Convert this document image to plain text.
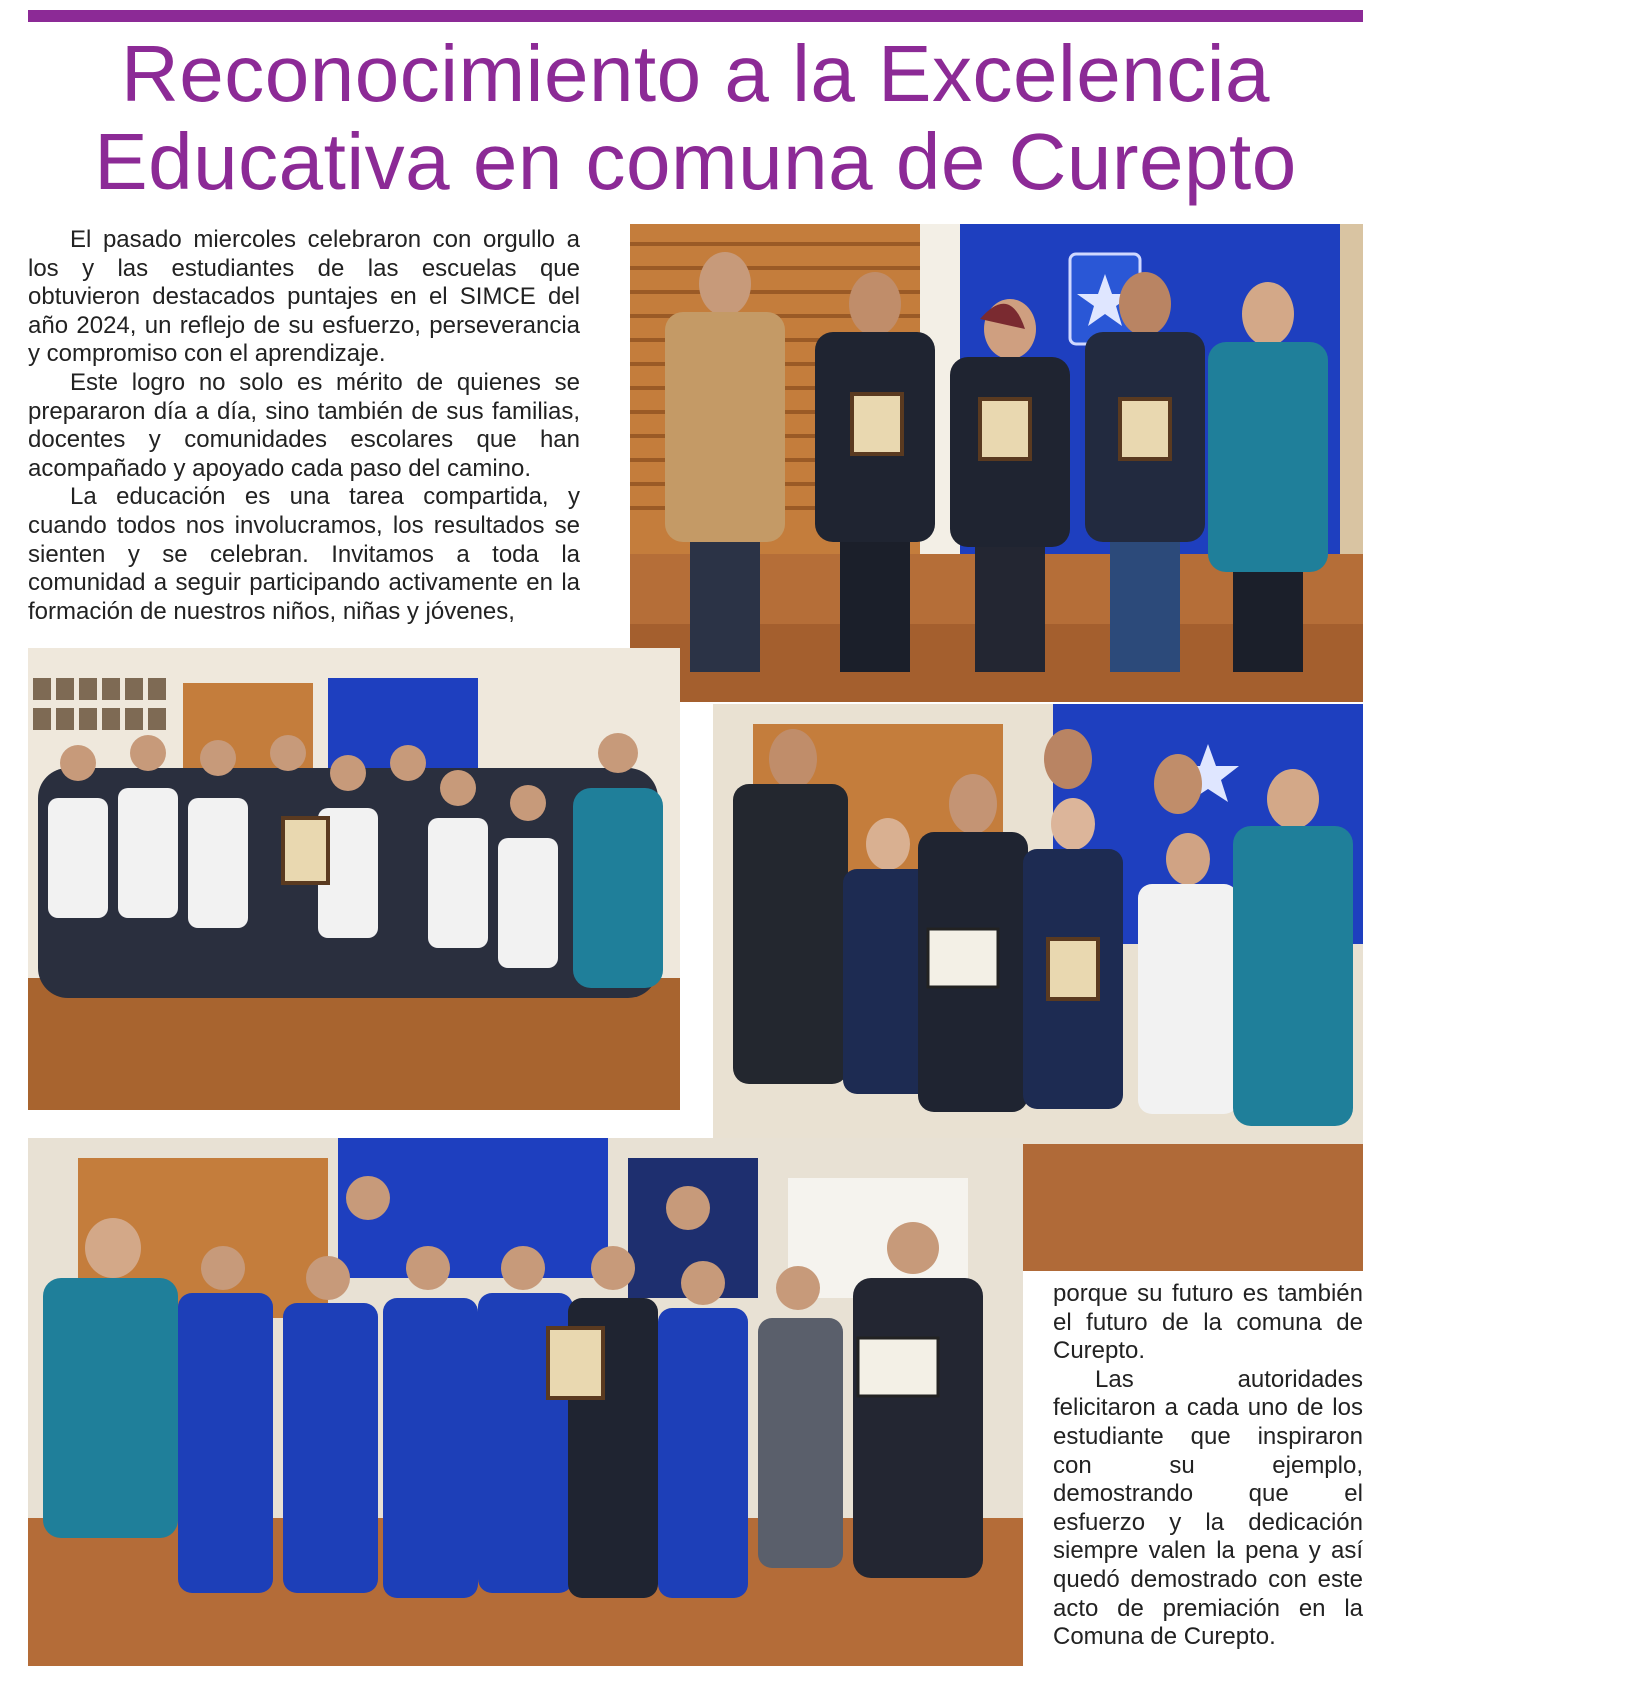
Reconocimiento a la Excelencia
Educativa en comuna de Curepto

El pasado miercoles celebraron con orgullo a los y las estudiantes de las escuelas que obtuvieron destacados puntajes en el SIMCE del año 2024, un reflejo de su esfuerzo, perseverancia y compromiso con el aprendizaje.

Este logro no solo es mérito de quienes se prepararon día a día, sino también de sus familias, docentes y comunidades escolares que han acompañado y apoyado cada paso del camino.

La educación es una tarea compartida, y cuando todos nos involucramos, los resultados se sienten y se celebran. Invitamos a toda la comunidad a seguir participando activamente en la formación de nuestros niños, niñas y jóvenes,

porque su futuro es también el futuro de la comuna de Curepto.

Las autoridades felicitaron a cada uno de los estudiante que inspiraron con su ejemplo, demostrando que el esfuerzo y la dedicación siempre valen la pena y así quedó demostrado con este acto de premiación en la Comuna de Curepto.
